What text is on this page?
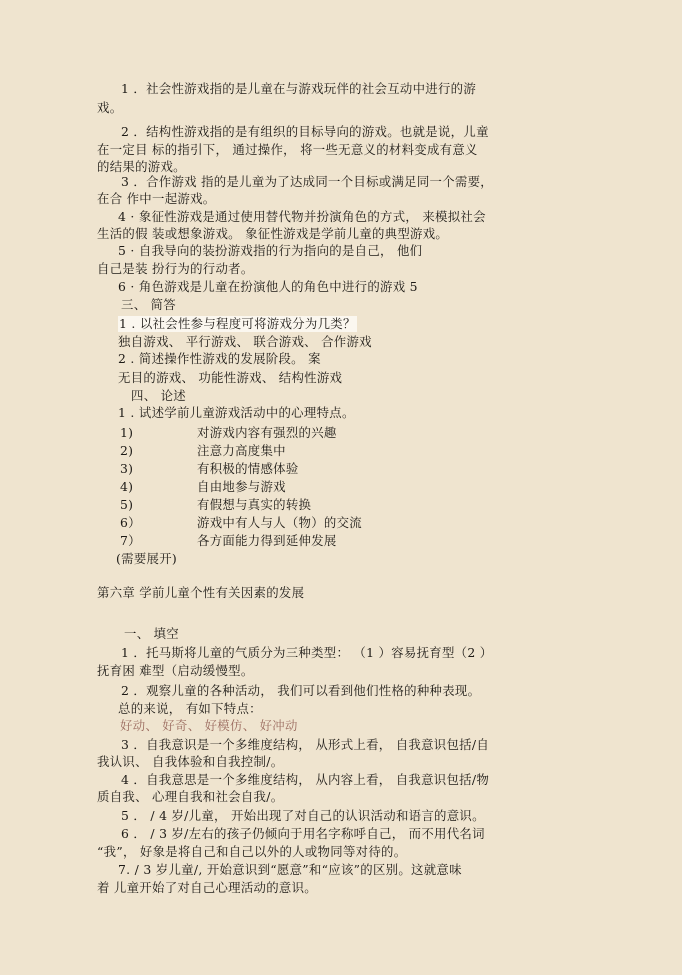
1 ．社会性游戏指的是儿童在与游戏玩伴的社会互动中进行的游

戏。

2 ．结构性游戏指的是有组织的目标导向的游戏。也就是说，儿童

在一定目 标的指引下， 通过操作， 将一些无意义的材料变成有意义

的结果的游戏。

3 ．合作游戏 指的是儿童为了达成同一个目标或满足同一个需要，

在合 作中一起游戏。

4 · 象征性游戏是通过使用替代物并扮演角色的方式， 来模拟社会

生活的假 装或想象游戏。 象征性游戏是学前儿童的典型游戏。

5 · 自我导向的装扮游戏指的行为指向的是自己， 他们

自己是装 扮行为的行动者。

6 · 角色游戏是儿童在扮演他人的角色中进行的游戏 5

三、 简答

1 . 以社会性参与程度可将游戏分为几类？

独自游戏、 平行游戏、 联合游戏、 合作游戏

2 . 简述操作性游戏的发展阶段。 案

无目的游戏、 功能性游戏、 结构性游戏

四、 论述

1 . 试述学前儿童游戏活动中的心理特点。

1)	对游戏内容有强烈的兴趣
2)	注意力高度集中
3)	有积极的情感体验
4)	自由地参与游戏
5)	有假想与真实的转换
6）	游戏中有人与人（物）的交流
7）	各方面能力得到延伸发展

(需要展开)

第六章 学前儿童个性有关因素的发展

一、 填空

1 ．托马斯将儿童的气质分为三种类型： （1 ）容易抚育型（2 ）

抚育困 难型（启动缓慢型。

2 ．观察儿童的各种活动， 我们可以看到他们性格的种种表现。

总的来说， 有如下特点：

好动、 好奇、 好模仿、 好冲动

3 ．自我意识是一个多维度结构， 从形式上看， 自我意识包括/自

我认识、 自我体验和自我控制/。

4 ．自我意思是一个多维度结构， 从内容上看， 自我意识包括/物

质自我、 心理自我和社会自我/。

5 ． / 4 岁/儿童， 开始出现了对自己的认识活动和语言的意识。

6 ． / 3 岁/左右的孩子仍倾向于用名字称呼自己， 而不用代名词

“我”， 好象是将自己和自己以外的人或物同等对待的。

7. / 3 岁儿童/, 开始意识到“愿意”和“应该”的区别。这就意味

着 儿童开始了对自己心理活动的意识。
